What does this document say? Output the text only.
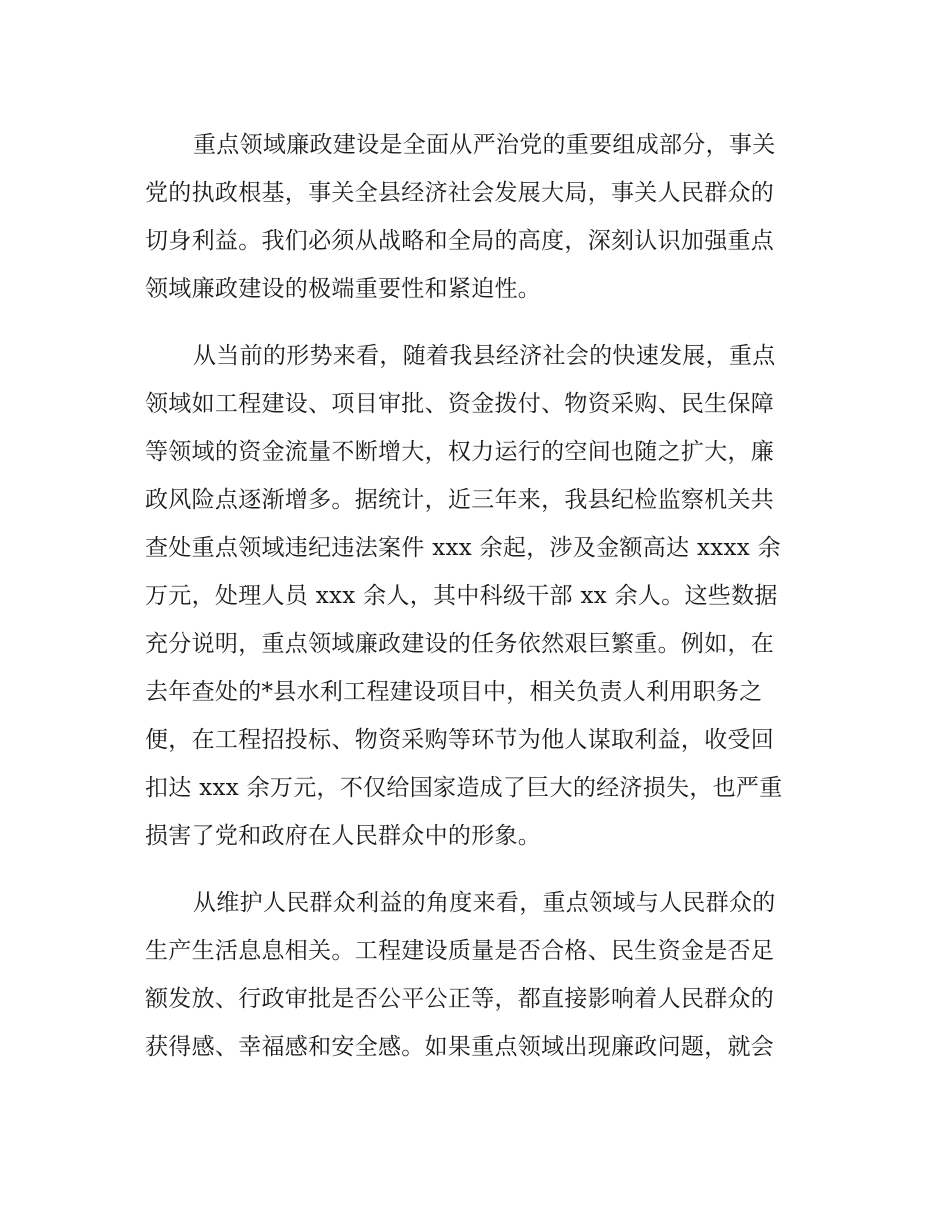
重点领域廉政建设是全面从严治党的重要组成部分，事关
党的执政根基，事关全县经济社会发展大局，事关人民群众的
切身利益。我们必须从战略和全局的高度，深刻认识加强重点
领域廉政建设的极端重要性和紧迫性。
从当前的形势来看，随着我县经济社会的快速发展，重点
领域如工程建设、项目审批、资金拨付、物资采购、民生保障
等领域的资金流量不断增大，权力运行的空间也随之扩大，廉
政风险点逐渐增多。据统计，近三年来，我县纪检监察机关共
查处重点领域违纪违法案件 xxx 余起，涉及金额高达 xxxx 余
万元，处理人员 xxx 余人，其中科级干部 xx 余人。这些数据
充分说明，重点领域廉政建设的任务依然艰巨繁重。例如，在
去年查处的*县水利工程建设项目中，相关负责人利用职务之
便，在工程招投标、物资采购等环节为他人谋取利益，收受回
扣达 xxx 余万元，不仅给国家造成了巨大的经济损失，也严重
损害了党和政府在人民群众中的形象。
从维护人民群众利益的角度来看，重点领域与人民群众的
生产生活息息相关。工程建设质量是否合格、民生资金是否足
额发放、行政审批是否公平公正等，都直接影响着人民群众的
获得感、幸福感和安全感。如果重点领域出现廉政问题，就会
